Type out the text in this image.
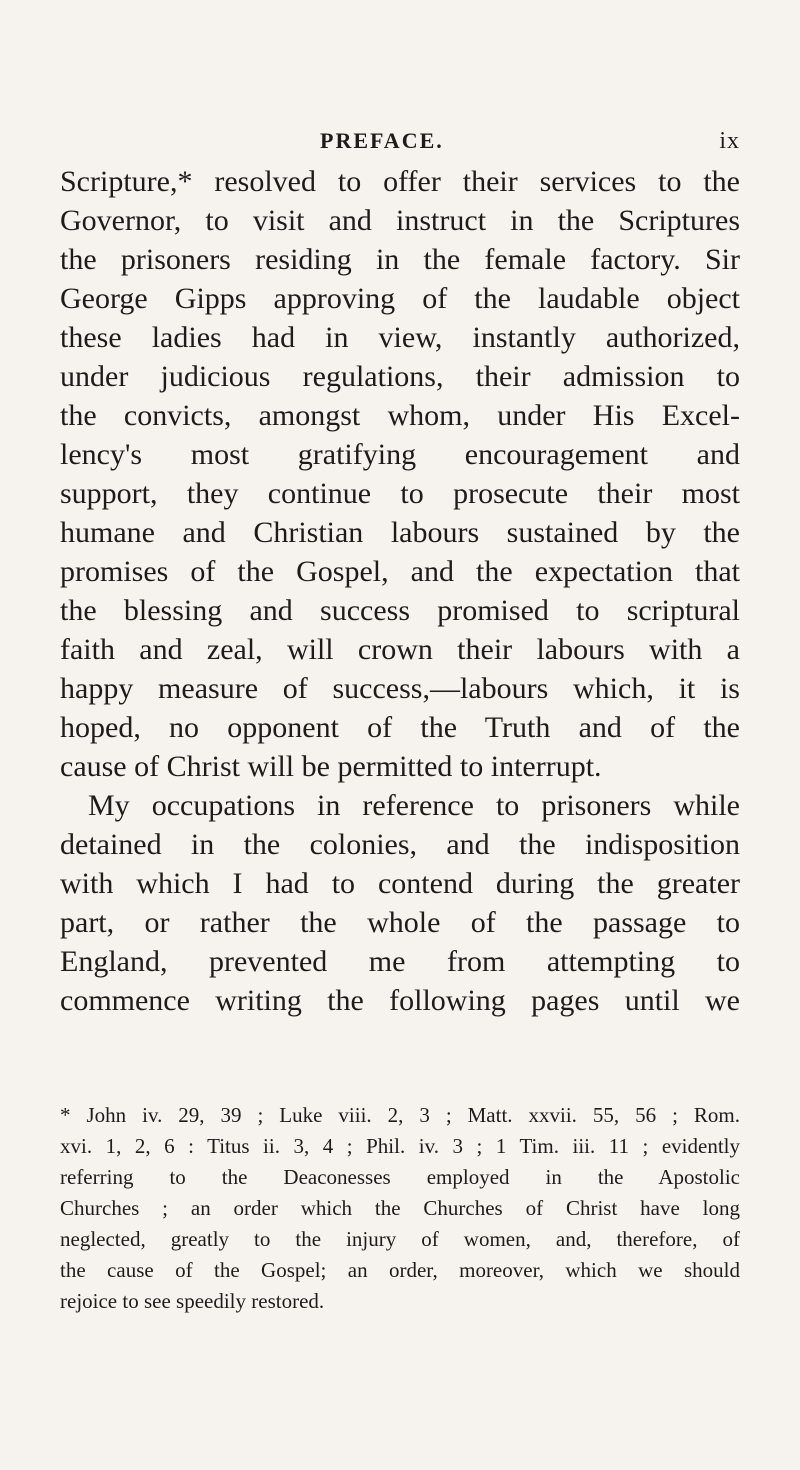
PREFACE.	ix
Scripture,* resolved to offer their services to the
Governor, to visit and instruct in the Scriptures
the prisoners residing in the female factory. Sir
George Gipps approving of the laudable object
these ladies had in view, instantly authorized,
under judicious regulations, their admission to
the convicts, amongst whom, under His Excel-
lency's most gratifying encouragement and
support, they continue to prosecute their most
humane and Christian labours sustained by the
promises of the Gospel, and the expectation that
the blessing and success promised to scriptural
faith and zeal, will crown their labours with a
happy measure of success,—labours which, it is
hoped, no opponent of the Truth and of the
cause of Christ will be permitted to interrupt.
My occupations in reference to prisoners while
detained in the colonies, and the indisposition
with which I had to contend during the greater
part, or rather the whole of the passage to
England, prevented me from attempting to
commence writing the following pages until we
* John iv. 29, 39 ; Luke viii. 2, 3 ; Matt. xxvii. 55, 56 ; Rom.
xvi. 1, 2, 6 : Titus ii. 3, 4 ; Phil. iv. 3 ; 1 Tim. iii. 11 ; evidently
referring to the Deaconesses employed in the Apostolic
Churches ; an order which the Churches of Christ have long
neglected, greatly to the injury of women, and, therefore, of
the cause of the Gospel; an order, moreover, which we should
rejoice to see speedily restored.
